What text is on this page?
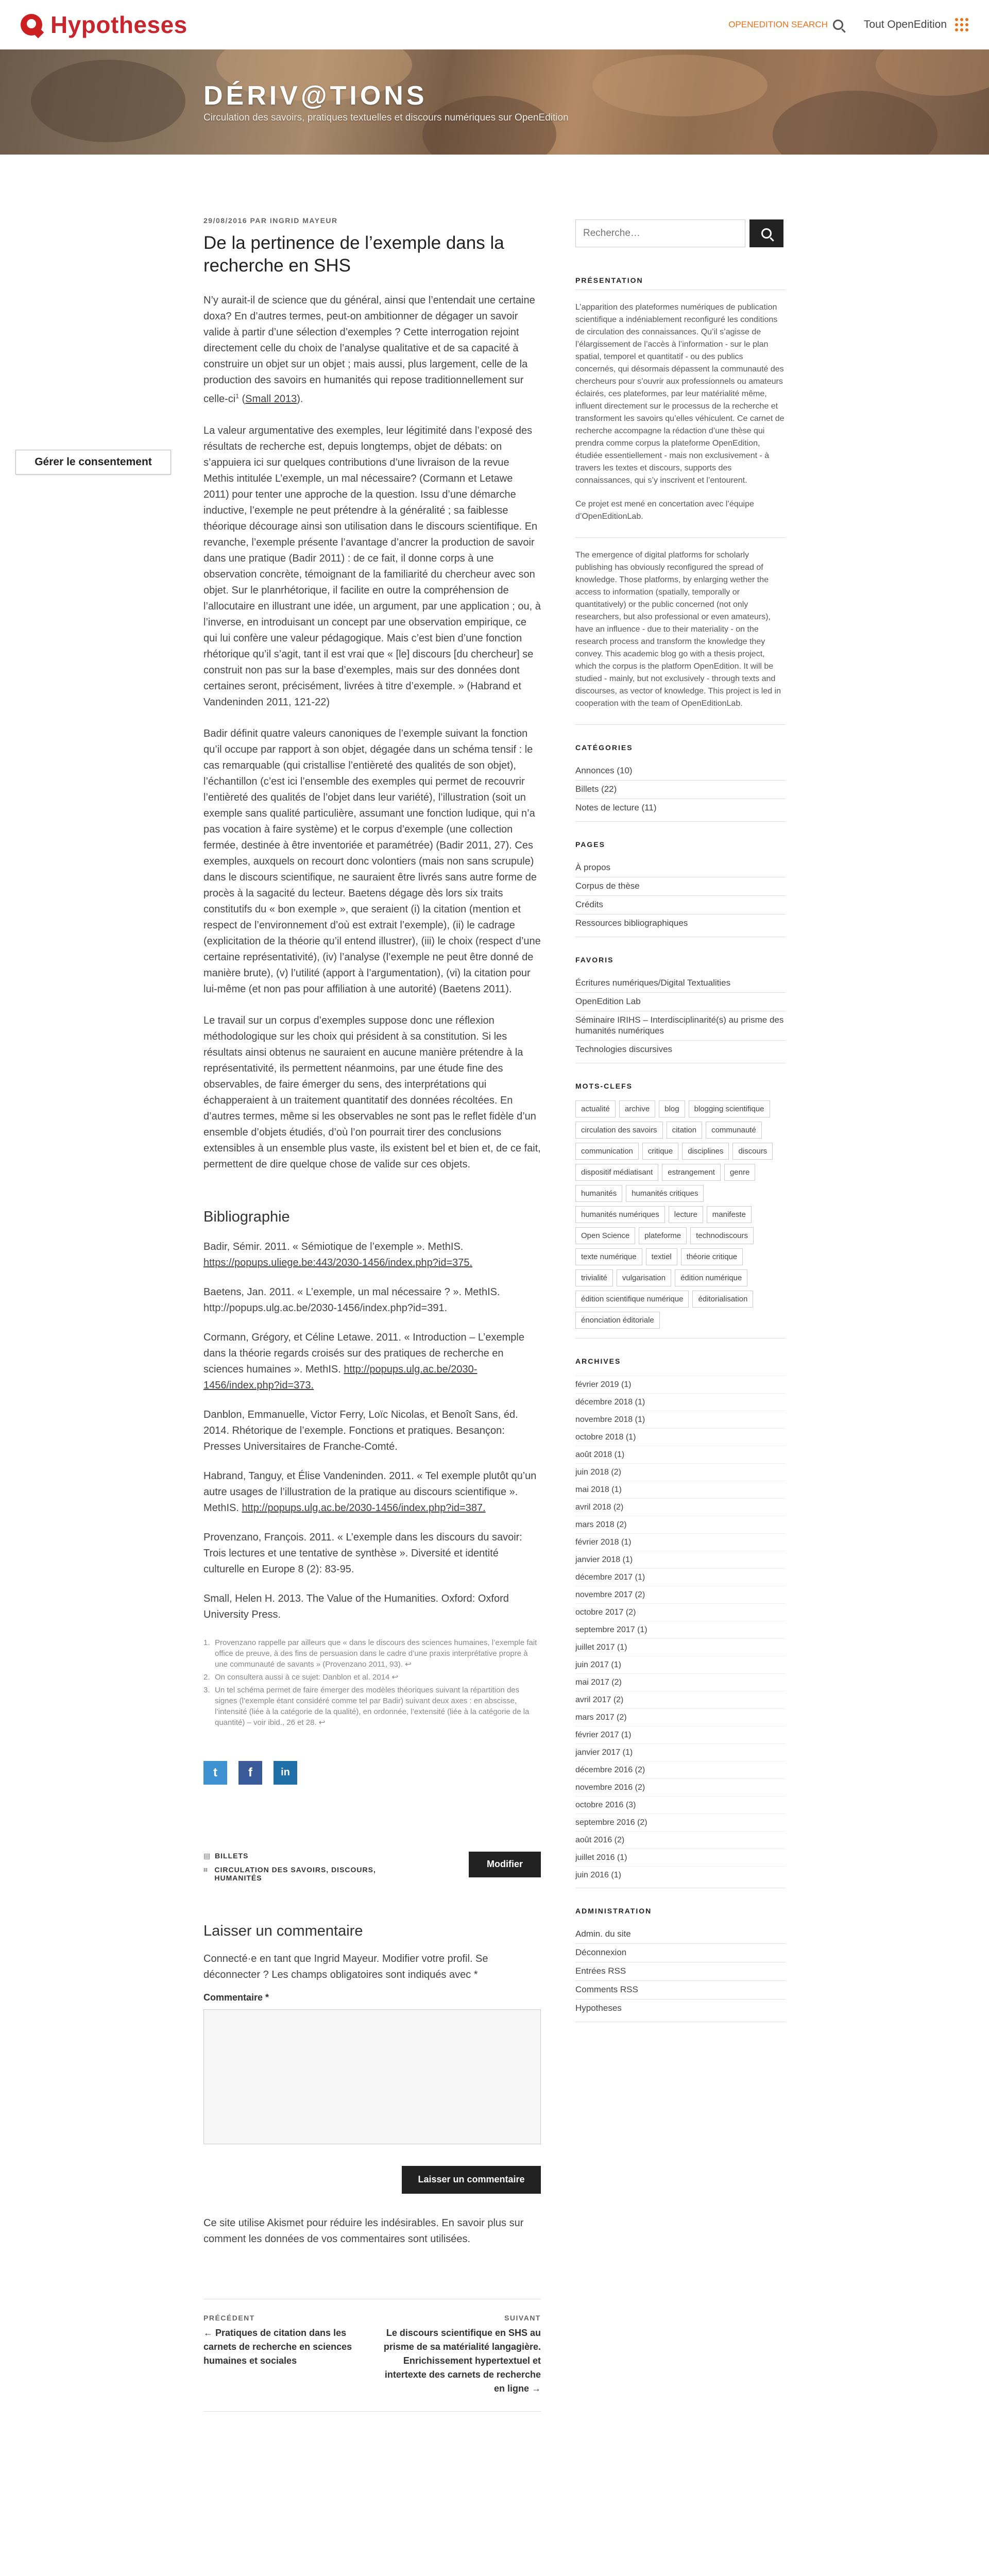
Hypotheses	OPENEDITION SEARCH	Tout OpenEdition
DÉRIV@TIONS
Circulation des savoirs, pratiques textuelles et discours numériques sur OpenEdition
Gérer le consentement
29/08/2016 PAR INGRID MAYEUR
De la pertinence de l’exemple dans la recherche en SHS

N’y aurait-il de science que du général, ainsi que l’entendait une certaine doxa? En d’autres termes, peut-on ambitionner de dégager un savoir valide à partir d’une sélection d’exemples ? Cette interrogation rejoint directement celle du choix de l’analyse qualitative et de sa capacité à construire un objet sur un objet ; mais aussi, plus largement, celle de la production des savoirs en humanités qui repose traditionnellement sur celle-$ci^1$ (Small 2013).

La valeur argumentative des exemples, leur légitimité dans l’exposé des résultats de recherche est, depuis longtemps, objet de débats: on s’appuiera ici sur quelques contributions d’une livraison de la revue Methis intitulée L’exemple, un mal nécessaire? (Cormann et Letawe 2011) pour tenter une approche de la question. Issu d’une démarche inductive, l’exemple ne peut prétendre à la généralité ; sa faiblesse théorique décourage ainsi son utilisation dans le discours scientifique. En revanche, l’exemple présente l’avantage d’ancrer la production de savoir dans une pratique (Badir 2011) : de ce fait, il donne corps à une observation concrète, témoignant de la familiarité du chercheur avec son objet. Sur le planrhétorique, il facilite en outre la compréhension de l’allocutaire en illustrant une idée, un argument, par une application ; ou, à l’inverse, en introduisant un concept par une observation empirique, ce qui lui confère une valeur pédagogique. Mais c’est bien d’une fonction rhétorique qu’il s’agit, tant il est vrai que « [le] discours [du chercheur] se construit non pas sur la base d’exemples, mais sur des données dont certaines seront, précisément, livrées à titre d’exemple. » (Habrand et Vandeninden 2011, 121-22)

Badir définit quatre valeurs canoniques de l’exemple suivant la fonction qu’il occupe par rapport à son objet, dégagée dans un schéma tensif : le cas remarquable (qui cristallise l’entièreté des qualités de son objet), l’échantillon (c’est ici l’ensemble des exemples qui permet de recouvrir l’entièreté des qualités de l’objet dans leur variété), l’illustration (soit un exemple sans qualité particulière, assumant une fonction ludique, qui n’a pas vocation à faire système) et le corpus d’exemple (une collection fermée, destinée à être inventoriée et paramétrée) (Badir 2011, 27). Ces exemples, auxquels on recourt donc volontiers (mais non sans scrupule) dans le discours scientifique, ne sauraient être livrés sans autre forme de procès à la sagacité du lecteur. Baetens dégage dès lors six traits constitutifs du « bon exemple », que seraient (i) la citation (mention et respect de l’environnement d’où est extrait l’exemple), (ii) le cadrage (explicitation de la théorie qu’il entend illustrer), (iii) le choix (respect d’une certaine représentativité), (iv) l’analyse (l’exemple ne peut être donné de manière brute), (v) l’utilité (apport à l’argumentation), (vi) la citation pour lui-même (et non pas pour affiliation à une autorité) (Baetens 2011).

Le travail sur un corpus d’exemples suppose donc une réflexion méthodologique sur les choix qui président à sa constitution. Si les résultats ainsi obtenus ne sauraient en aucune manière prétendre à la représentativité, ils permettent néanmoins, par une étude fine des observables, de faire émerger du sens, des interprétations qui échapperaient à un traitement quantitatif des données récoltées. En d’autres termes, même si les observables ne sont pas le reflet fidèle d’un ensemble d’objets étudiés, d’où l’on pourrait tirer des conclusions extensibles à un ensemble plus vaste, ils existent bel et bien et, de ce fait, permettent de dire quelque chose de valide sur ces objets.

Bibliographie

Badir, Sémir. 2011. « Sémiotique de l’exemple ». MethIS. https://popups.uliege.be:443/2030-1456/index.php?id=375.

Baetens, Jan. 2011. « L’exemple, un mal nécessaire ? ». MethIS. http://popups.ulg.ac.be/2030-1456/index.php?id=391.

Cormann, Grégory, et Céline Letawe. 2011. « Introduction – L’exemple dans la théorie regards croisés sur des pratiques de recherche en sciences humaines ». MethIS. http://popups.ulg.ac.be/2030-1456/index.php?id=373.

Danblon, Emmanuelle, Victor Ferry, Loïc Nicolas, et Benoît Sans, éd. 2014. Rhétorique de l’exemple. Fonctions et pratiques. Besançon: Presses Universitaires de Franche-Comté.

Habrand, Tanguy, et Élise Vandeninden. 2011. « Tel exemple plutôt qu’un autre usages de l’illustration de la pratique au discours scientifique ». MethIS. http://popups.ulg.ac.be/2030-1456/index.php?id=387.

Provenzano, François. 2011. « L’exemple dans les discours du savoir: Trois lectures et une tentative de synthèse ». Diversité et identité culturelle en Europe 8 (2): 83-95.

Small, Helen H. 2013. The Value of the Humanities. Oxford: Oxford University Press.

1. Provenzano rappelle par ailleurs que « dans le discours des sciences humaines, l’exemple fait office de preuve, à des fins de persuasion dans le cadre d’une praxis interprétative propre à une communauté de savants » (Provenzano 2011, 93). ↩
2. On consultera aussi à ce sujet: Danblon et al. 2014 ↩
3. Un tel schéma permet de faire émerger des modèles théoriques suivant la répartition des signes (l’exemple étant considéré comme tel par Badir) suivant deux axes : en abscisse, l’intensité (liée à la catégorie de la qualité), en ordonnée, l’extensité (liée à la catégorie de la quantité) – voir ibid., 26 et 28. ↩
t	f	in
▤ BILLETS
⌗ CIRCULATION DES SAVOIRS, DISCOURS, HUMANITÉS
Modifier
Laisser un commentaire

Connecté·e en tant que Ingrid Mayeur. Modifier votre profil. Se déconnecter ? Les champs obligatoires sont indiqués avec *

Commentaire *
Laisser un commentaire

Ce site utilise Akismet pour réduire les indésirables. En savoir plus sur comment les données de vos commentaires sont utilisées.

PRÉCÉDENT
← Pratiques de citation dans les carnets de recherche en sciences humaines et sociales
SUIVANT
Le discours scientifique en SHS au prisme de sa matérialité langagière. Enrichissement hypertextuel et intertexte des carnets de recherche en ligne →
Recherche…
PRÉSENTATION

L’apparition des plateformes numériques de publication scientifique a indéniablement reconfiguré les conditions de circulation des connaissances. Qu’il s’agisse de l’élargissement de l’accès à l’information - sur le plan spatial, temporel et quantitatif - ou des publics concernés, qui désormais dépassent la communauté des chercheurs pour s’ouvrir aux professionnels ou amateurs éclairés, ces plateformes, par leur matérialité même, influent directement sur le processus de la recherche et transforment les savoirs qu’elles véhiculent. Ce carnet de recherche accompagne la rédaction d’une thèse qui prendra comme corpus la plateforme OpenEdition, étudiée essentiellement - mais non exclusivement - à travers les textes et discours, supports des connaissances, qui s’y inscrivent et l’entourent.

Ce projet est mené en concertation avec l’équipe d’OpenEditionLab.

The emergence of digital platforms for scholarly publishing has obviously reconfigured the spread of knowledge. Those platforms, by enlarging wether the access to information (spatially, temporally or quantitatively) or the public concerned (not only researchers, but also professional or even amateurs), have an influence - due to their materiality - on the research process and transform the knowledge they convey. This academic blog go with a thesis project, which the corpus is the platform OpenEdition. It will be studied - mainly, but not exclusively - through texts and discourses, as vector of knowledge. This project is led in cooperation with the team of OpenEditionLab.

CATÉGORIES
Annonces (10)
Billets (22)
Notes de lecture (11)
PAGES
À propos
Corpus de thèse
Crédits
Ressources bibliographiques
FAVORIS
Écritures numériques/Digital Textualities
OpenEdition Lab
Séminaire IRIHS – Interdisciplinarité(s) au prisme des humanités numériques
Technologies discursives
MOTS-CLEFS
actualité	archive	blog	blogging scientifique
circulation des savoirs	citation	communauté
communication	critique	disciplines	discours
dispositif médiatisant	estrangement	genre
humanités	humanités critiques
humanités numériques	lecture	manifeste
Open Science	plateforme	technodiscours
texte numérique	textiel	théorie critique
trivialité	vulgarisation	édition numérique
édition scientifique numérique	éditorialisation
énonciation éditoriale
ARCHIVES
février 2019 (1)
décembre 2018 (1)
novembre 2018 (1)
octobre 2018 (1)
août 2018 (1)
juin 2018 (2)
mai 2018 (1)
avril 2018 (2)
mars 2018 (2)
février 2018 (1)
janvier 2018 (1)
décembre 2017 (1)
novembre 2017 (2)
octobre 2017 (2)
septembre 2017 (1)
juillet 2017 (1)
juin 2017 (1)
mai 2017 (2)
avril 2017 (2)
mars 2017 (2)
février 2017 (1)
janvier 2017 (1)
décembre 2016 (2)
novembre 2016 (2)
octobre 2016 (3)
septembre 2016 (2)
août 2016 (2)
juillet 2016 (1)
juin 2016 (1)
ADMINISTRATION
Admin. du site
Déconnexion
Entrées RSS
Comments RSS
Hypotheses
